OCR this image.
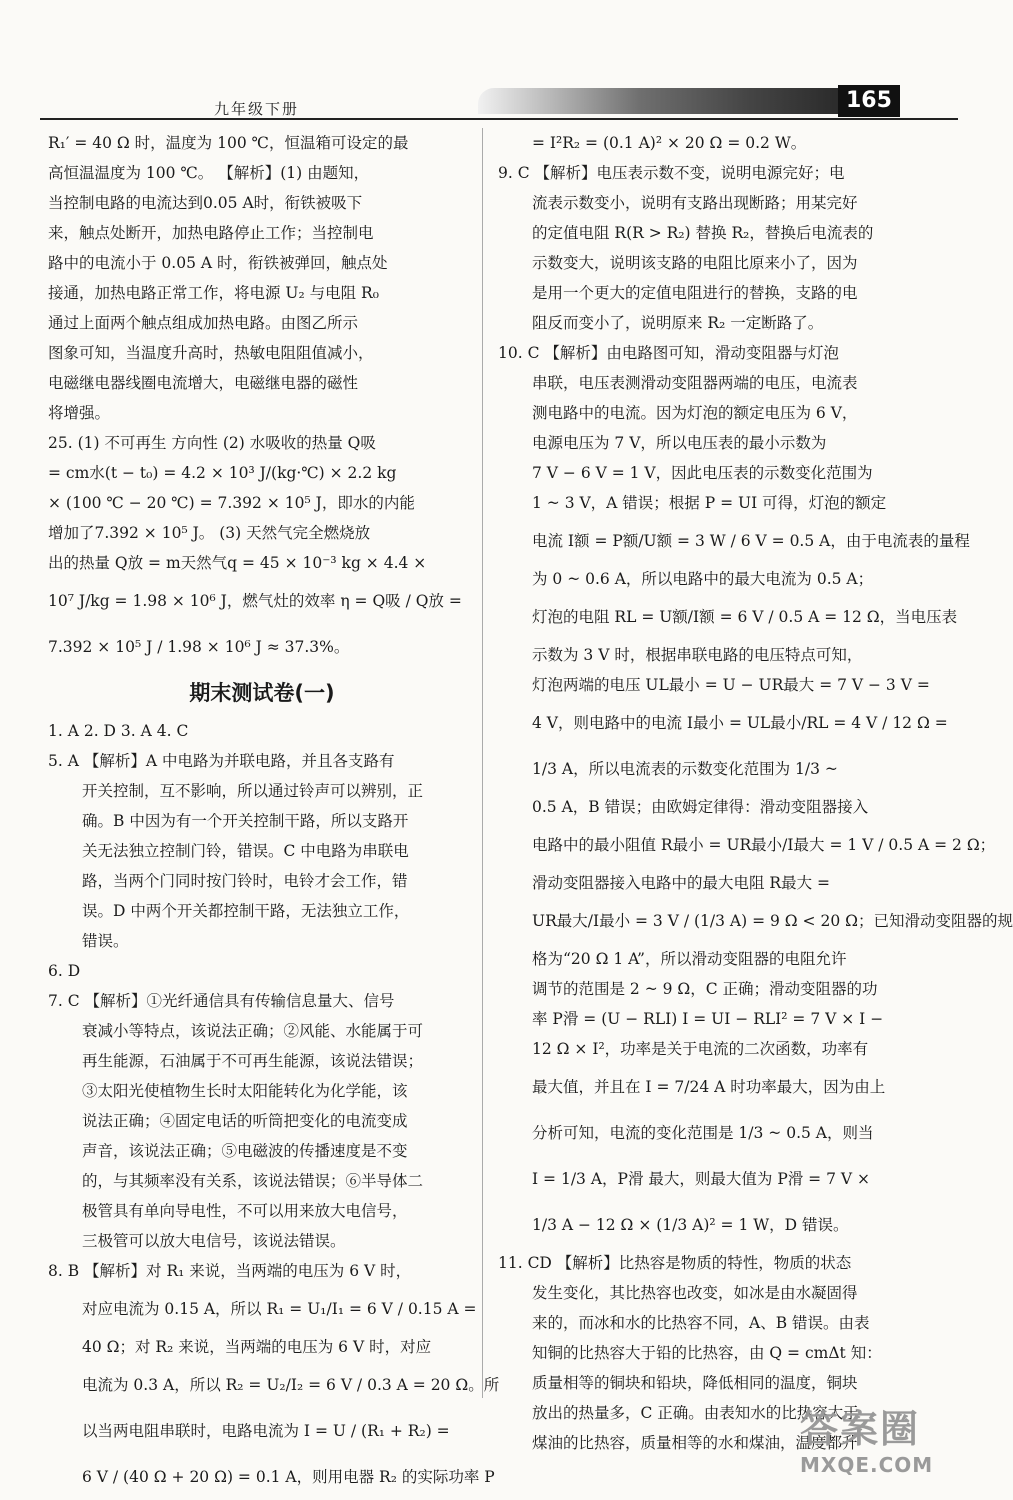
九年级下册	165
R₁′ = 40 Ω 时，温度为 100 ℃，恒温箱可设定的最
高恒温温度为 100 ℃。 【解析】(1) 由题知，
当控制电路的电流达到0.05 A时，衔铁被吸下
来，触点处断开，加热电路停止工作；当控制电
路中的电流小于 0.05 A 时，衔铁被弹回，触点处
接通，加热电路正常工作，将电源 U₂ 与电阻 R₀
通过上面两个触点组成加热电路。由图乙所示
图象可知，当温度升高时，热敏电阻阻值减小，
电磁继电器线圈电流增大，电磁继电器的磁性
将增强。
25. (1) 不可再生 方向性 (2) 水吸收的热量 Q吸
= cm水(t − t₀) = 4.2 × 10³ J/(kg·℃) × 2.2 kg
× (100 ℃ − 20 ℃) = 7.392 × 10⁵ J，即水的内能
增加了7.392 × 10⁵ J。 (3) 天然气完全燃烧放
出的热量 Q放 = m天然气q = 45 × 10⁻³ kg × 4.4 ×
10⁷ J/kg = 1.98 × 10⁶ J，燃气灶的效率 η = Q吸 / Q放 =
7.392 × 10⁵ J / 1.98 × 10⁶ J ≈ 37.3%。
期末测试卷(一)
1. A 2. D 3. A 4. C
5. A 【解析】A 中电路为并联电路，并且各支路有
开关控制，互不影响，所以通过铃声可以辨别，正
确。B 中因为有一个开关控制干路，所以支路开
关无法独立控制门铃，错误。C 中电路为串联电
路，当两个门同时按门铃时，电铃才会工作，错
误。D 中两个开关都控制干路，无法独立工作，
错误。
6. D
7. C 【解析】①光纤通信具有传输信息量大、信号
衰减小等特点，该说法正确；②风能、水能属于可
再生能源，石油属于不可再生能源，该说法错误；
③太阳光使植物生长时太阳能转化为化学能，该
说法正确；④固定电话的听筒把变化的电流变成
声音，该说法正确；⑤电磁波的传播速度是不变
的，与其频率没有关系，该说法错误；⑥半导体二
极管具有单向导电性，不可以用来放大电信号，
三极管可以放大电信号，该说法错误。
8. B 【解析】对 R₁ 来说，当两端的电压为 6 V 时，
对应电流为 0.15 A，所以 R₁ = U₁/I₁ = 6 V / 0.15 A =
40 Ω；对 R₂ 来说，当两端的电压为 6 V 时，对应
电流为 0.3 A，所以 R₂ = U₂/I₂ = 6 V / 0.3 A = 20 Ω。所
以当两电阻串联时，电路电流为 I = U / (R₁ + R₂) =
6 V / (40 Ω + 20 Ω) = 0.1 A，则用电器 R₂ 的实际功率 P
= I²R₂ = (0.1 A)² × 20 Ω = 0.2 W。
9. C 【解析】电压表示数不变，说明电源完好；电
流表示数变小，说明有支路出现断路；用某完好
的定值电阻 R(R > R₂) 替换 R₂，替换后电流表的
示数变大，说明该支路的电阻比原来小了，因为
是用一个更大的定值电阻进行的替换，支路的电
阻反而变小了，说明原来 R₂ 一定断路了。
10. C 【解析】由电路图可知，滑动变阻器与灯泡
串联，电压表测滑动变阻器两端的电压，电流表
测电路中的电流。因为灯泡的额定电压为 6 V，
电源电压为 7 V，所以电压表的最小示数为
7 V − 6 V = 1 V，因此电压表的示数变化范围为
1 ~ 3 V，A 错误；根据 P = UI 可得，灯泡的额定
电流 I额 = P额/U额 = 3 W / 6 V = 0.5 A，由于电流表的量程
为 0 ~ 0.6 A，所以电路中的最大电流为 0.5 A；
灯泡的电阻 RL = U额/I额 = 6 V / 0.5 A = 12 Ω，当电压表
示数为 3 V 时，根据串联电路的电压特点可知，
灯泡两端的电压 UL最小 = U − UR最大 = 7 V − 3 V =
4 V，则电路中的电流 I最小 = UL最小/RL = 4 V / 12 Ω =
1/3 A，所以电流表的示数变化范围为 1/3 ~
0.5 A，B 错误；由欧姆定律得：滑动变阻器接入
电路中的最小阻值 R最小 = UR最小/I最大 = 1 V / 0.5 A = 2 Ω；
滑动变阻器接入电路中的最大电阻 R最大 =
UR最大/I最小 = 3 V / (1/3 A) = 9 Ω < 20 Ω；已知滑动变阻器的规
格为“20 Ω 1 A”，所以滑动变阻器的电阻允许
调节的范围是 2 ~ 9 Ω，C 正确；滑动变阻器的功
率 P滑 = (U − RLI) I = UI − RLI² = 7 V × I −
12 Ω × I²，功率是关于电流的二次函数，功率有
最大值，并且在 I = 7/24 A 时功率最大，因为由上
分析可知，电流的变化范围是 1/3 ~ 0.5 A，则当
I = 1/3 A，P滑 最大，则最大值为 P滑 = 7 V ×
1/3 A − 12 Ω × (1/3 A)² = 1 W，D 错误。
11. CD 【解析】比热容是物质的特性，物质的状态
发生变化，其比热容也改变，如冰是由水凝固得
来的，而冰和水的比热容不同，A、B 错误。由表
知铜的比热容大于铅的比热容，由 Q = cmΔt 知：
质量相等的铜块和铅块，降低相同的温度，铜块
放出的热量多，C 正确。由表知水的比热容大于
煤油的比热容，质量相等的水和煤油，温度都升
答案圈
MXQE.COM
